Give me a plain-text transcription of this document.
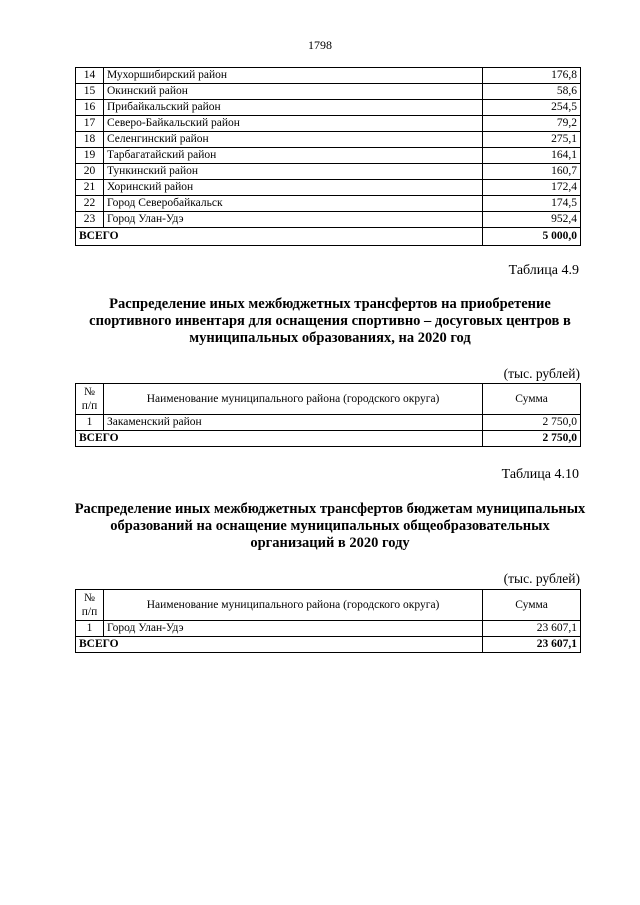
1798
14	Мухоршибирский район	176,8
15	Окинский район	58,6
16	Прибайкальский район	254,5
17	Северо-Байкальский район	79,2
18	Селенгинский район	275,1
19	Тарбагатайский район	164,1
20	Тункинский район	160,7
21	Хоринский район	172,4
22	Город Северобайкальск	174,5
23	Город Улан-Удэ	952,4
ВСЕГО		5 000,0
Таблица 4.9
Распределение иных межбюджетных трансфертов на приобретение спортивного инвентаря для оснащения спортивно – досуговых центров в муниципальных образованиях, на 2020 год
(тыс. рублей)
№ п/п	Наименование муниципального района (городского округа)	Сумма
1	Закаменский район	2 750,0
ВСЕГО		2 750,0
Таблица 4.10
Распределение иных межбюджетных трансфертов бюджетам муниципальных образований на оснащение муниципальных общеобразовательных организаций в 2020 году
(тыс. рублей)
№ п/п	Наименование муниципального района (городского округа)	Сумма
1	Город Улан-Удэ	23 607,1
ВСЕГО		23 607,1
